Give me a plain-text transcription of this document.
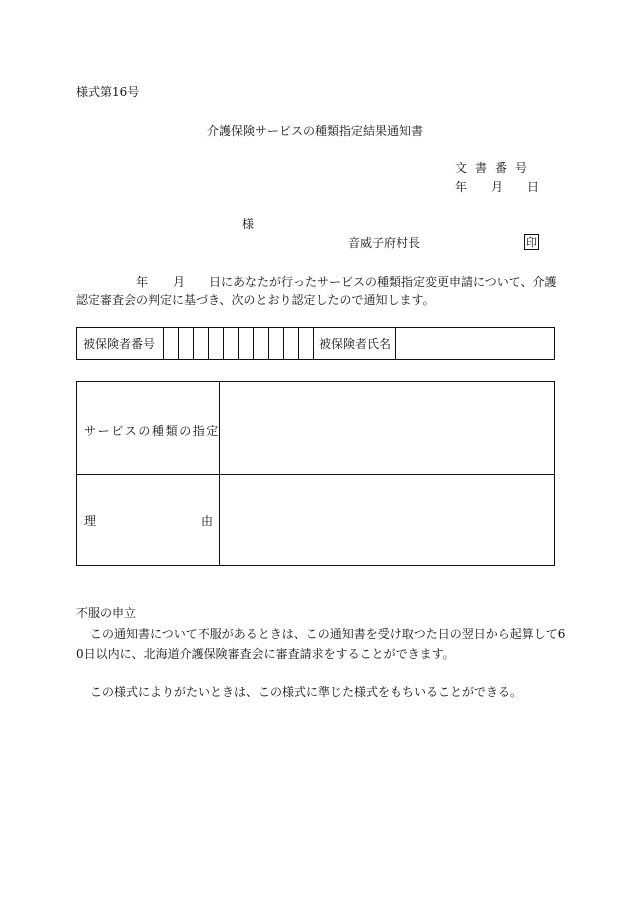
様式第16号
介護保険サービスの種類指定結果通知書
文書番号
年 月 日
様
音威子府村長	印
年 月 日にあなたが行ったサービスの種類指定変更申請について、介護
認定審査会の判定に基づき、次のとおり認定したので通知します。
被保険者番号	被保険者氏名
サービスの種類の指定
理	由
不服の申立
この通知書について不服があるときは、この通知書を受け取つた日の翌日から起算して6
0日以内に、北海道介護保険審査会に審査請求をすることができます。
この様式によりがたいときは、この様式に準じた様式をもちいることができる。
